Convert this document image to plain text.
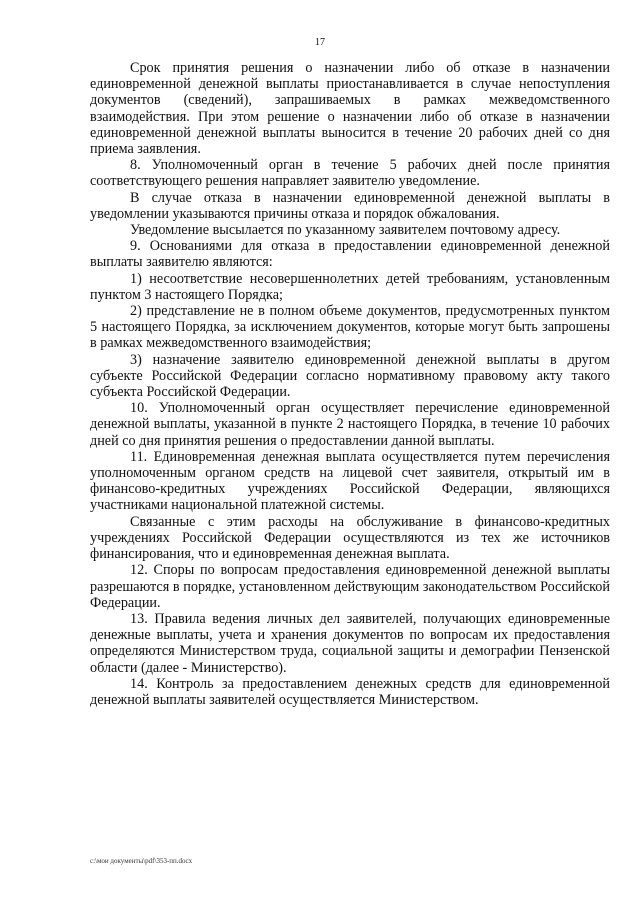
17

Срок принятия решения о назначении либо об отказе в назначении единовременной денежной выплаты приостанавливается в случае непоступления документов (сведений), запрашиваемых в рамках межведомственного взаимодействия. При этом решение о назначении либо об отказе в назначении единовременной денежной выплаты выносится в течение 20 рабочих дней со дня приема заявления.

8. Уполномоченный орган в течение 5 рабочих дней после принятия соответствующего решения направляет заявителю уведомление.

В случае отказа в назначении единовременной денежной выплаты в уведомлении указываются причины отказа и порядок обжалования.

Уведомление высылается по указанному заявителем почтовому адресу.

9. Основаниями для отказа в предоставлении единовременной денежной выплаты заявителю являются:

1) несоответствие несовершеннолетних детей требованиям, установленным пунктом 3 настоящего Порядка;

2) представление не в полном объеме документов, предусмотренных пунктом 5 настоящего Порядка, за исключением документов, которые могут быть запрошены в рамках межведомственного взаимодействия;

3) назначение заявителю единовременной денежной выплаты в другом субъекте Российской Федерации согласно нормативному правовому акту такого субъекта Российской Федерации.

10. Уполномоченный орган осуществляет перечисление единовременной денежной выплаты, указанной в пункте 2 настоящего Порядка, в течение 10 рабочих дней со дня принятия решения о предоставлении данной выплаты.

11. Единовременная денежная выплата осуществляется путем перечисления уполномоченным органом средств на лицевой счет заявителя, открытый им в финансово-кредитных учреждениях Российской Федерации, являющихся участниками национальной платежной системы.

Связанные с этим расходы на обслуживание в финансово-кредитных учреждениях Российской Федерации осуществляются из тех же источников финансирования, что и единовременная денежная выплата.

12. Споры по вопросам предоставления единовременной денежной выплаты разрешаются в порядке, установленном действующим законодательством Российской Федерации.

13. Правила ведения личных дел заявителей, получающих единовременные денежные выплаты, учета и хранения документов по вопросам их предоставления определяются Министерством труда, социальной защиты и демографии Пензенской области (далее - Министерство).

14. Контроль за предоставлением денежных средств для единовременной денежной выплаты заявителей осуществляется Министерством.

c:\мои документы\pdf\353-пп.docx
